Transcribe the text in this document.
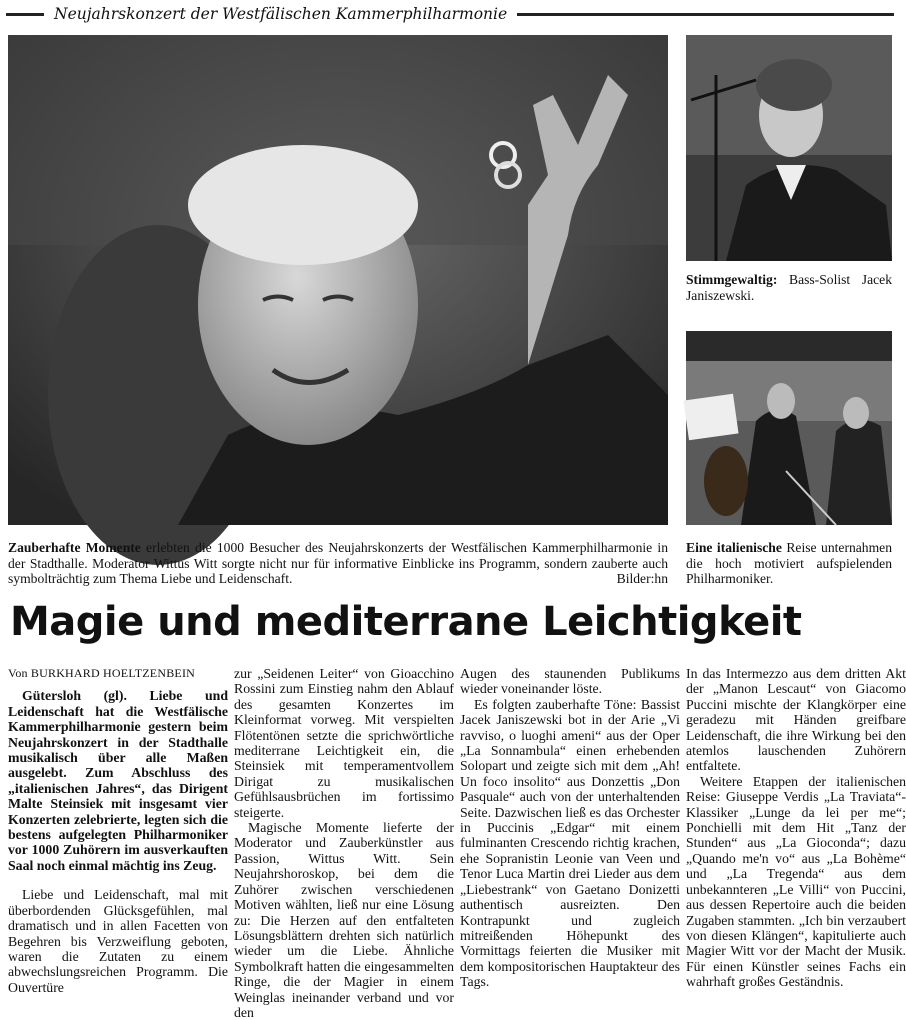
Neujahrskonzert der Westfälischen Kammerphilharmonie
Stimmgewaltig: Bass-Solist Jacek Janiszewski.
Eine italienische Reise unternahmen die hoch motiviert aufspielenden Philharmoniker.
Zauberhafte Momente erlebten die 1000 Besucher des Neujahrskonzerts der Westfälischen Kammerphilharmonie in der Stadthalle. Moderator Wittus Witt sorgte nicht nur für informative Einblicke ins Programm, sondern zauberte auch symbolträchtig zum Thema Liebe und Leidenschaft.	Bilder:hn
Magie und mediterrane Leichtigkeit

Von BURKHARD HOELTZENBEIN

Gütersloh (gl). Liebe und Leidenschaft hat die Westfälische Kammerphilharmonie gestern beim Neujahrskonzert in der Stadthalle musikalisch über alle Maßen ausgelebt. Zum Abschluss des „italienischen Jahres“, das Dirigent Malte Steinsiek mit insgesamt vier Konzerten zelebrierte, legten sich die bestens aufgelegten Philharmoniker vor 1000 Zuhörern im ausverkauften Saal noch einmal mächtig ins Zeug.

Liebe und Leidenschaft, mal mit überbordenden Glücksgefühlen, mal dramatisch und in allen Facetten von Begehren bis Verzweiflung geboten, waren die Zutaten zu einem abwechslungsreichen Programm. Die Ouvertüre

zur „Seidenen Leiter“ von Gioacchino Rossini zum Einstieg nahm den Ablauf des gesamten Konzertes im Kleinformat vorweg. Mit verspielten Flötentönen setzte die sprichwörtliche mediterrane Leichtigkeit ein, die Steinsiek mit temperamentvollem Dirigat zu musikalischen Gefühlsausbrüchen im fortissimo steigerte.

Magische Momente lieferte der Moderator und Zauberkünstler aus Passion, Wittus Witt. Sein Neujahrshoroskop, bei dem die Zuhörer zwischen verschiedenen Motiven wählten, ließ nur eine Lösung zu: Die Herzen auf den entfalteten Lösungsblättern drehten sich natürlich wieder um die Liebe. Ähnliche Symbolkraft hatten die eingesammelten Ringe, die der Magier in einem Weinglas ineinander verband und vor den

Augen des staunenden Publikums wieder voneinander löste.

Es folgten zauberhafte Töne: Bassist Jacek Janiszewski bot in der Arie „Vi ravviso, o luoghi ameni“ aus der Oper „La Sonnambula“ einen erhebenden Solopart und zeigte sich mit dem „Ah! Un foco insolito“ aus Donzettis „Don Pasquale“ auch von der unterhaltenden Seite. Dazwischen ließ es das Orchester in Puccinis „Edgar“ mit einem fulminanten Crescendo richtig krachen, ehe Sopranistin Leonie van Veen und Tenor Luca Martin drei Lieder aus dem „Liebestrank“ von Gaetano Donizetti authentisch ausreizten. Den Kontrapunkt und zugleich mitreißenden Höhepunkt des Vormittags feierten die Musiker mit dem kompositorischen Hauptakteur des Tags.

In das Intermezzo aus dem dritten Akt der „Manon Lescaut“ von Giacomo Puccini mischte der Klangkörper eine geradezu mit Händen greifbare Leidenschaft, die ihre Wirkung bei den atemlos lauschenden Zuhörern entfaltete.

Weitere Etappen der italienischen Reise: Giuseppe Verdis „La Traviata“-Klassiker „Lunge da lei per me“; Ponchielli mit dem Hit „Tanz der Stunden“ aus „La Gioconda“; dazu „Quando me'n vo“ aus „La Bohème“ und „La Tregenda“ aus dem unbekannteren „Le Villi“ von Puccini, aus dessen Repertoire auch die beiden Zugaben stammten. „Ich bin verzaubert von diesen Klängen“, kapitulierte auch Magier Witt vor der Macht der Musik. Für einen Künstler seines Fachs ein wahrhaft großes Geständnis.
